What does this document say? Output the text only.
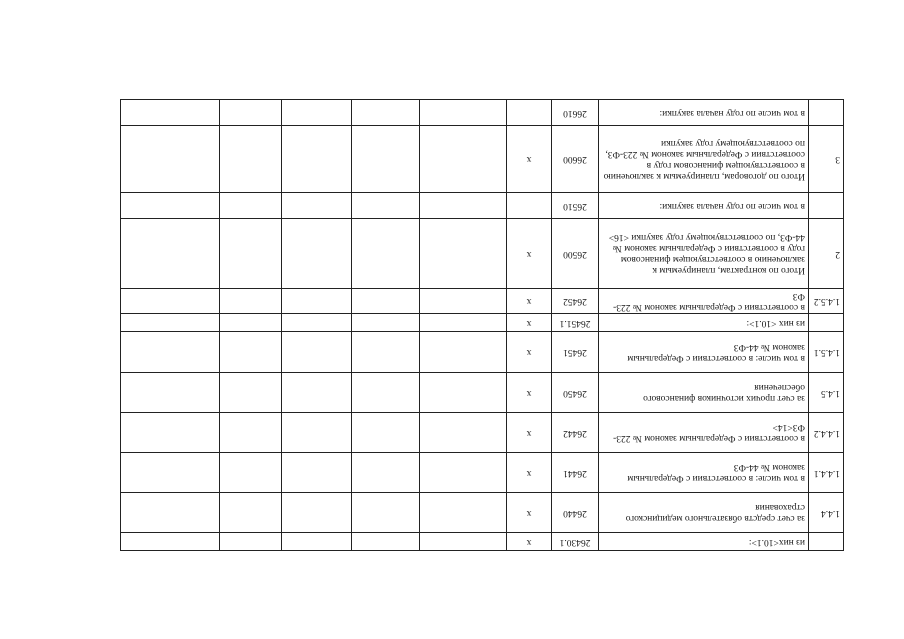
	из них<10.1>:	26430.1	x					
1.4.4	за счет средств обязательного медицинского страхования	26440	x					
1.4.4.1	в том числе: в соответствии с Федеральным законом № 44-ФЗ	26441	x					
1.4.4.2	в соответствии с Федеральным законом № 223-ФЗ<14>	26442	x					
1.4.5	за счет прочих источников финансового обеспечения	26450	x					
1.4.5.1	в том числе: в соответствии с Федеральным законом № 44-ФЗ	26451	x					
	из них <10.1>:	26451.1	x					
1.4.5.2	в соответствии с Федеральным законом № 223-ФЗ	26452	x					
2	Итого по контрактам, планируемым к заключению в соответствующем финансовом году в соответствии с Федеральным законом № 44-ФЗ, по соответствующему году закупки <16>	26500	x					
	в том числе по году начала закупки:	26510						
3	Итого по договорам, планируемым к заключению в соответствующем финансовом году в соответствии с Федеральным законом № 223-ФЗ, по соответствующему году закупки	26600	x					
	в том числе по году начала закупки:	26610						
